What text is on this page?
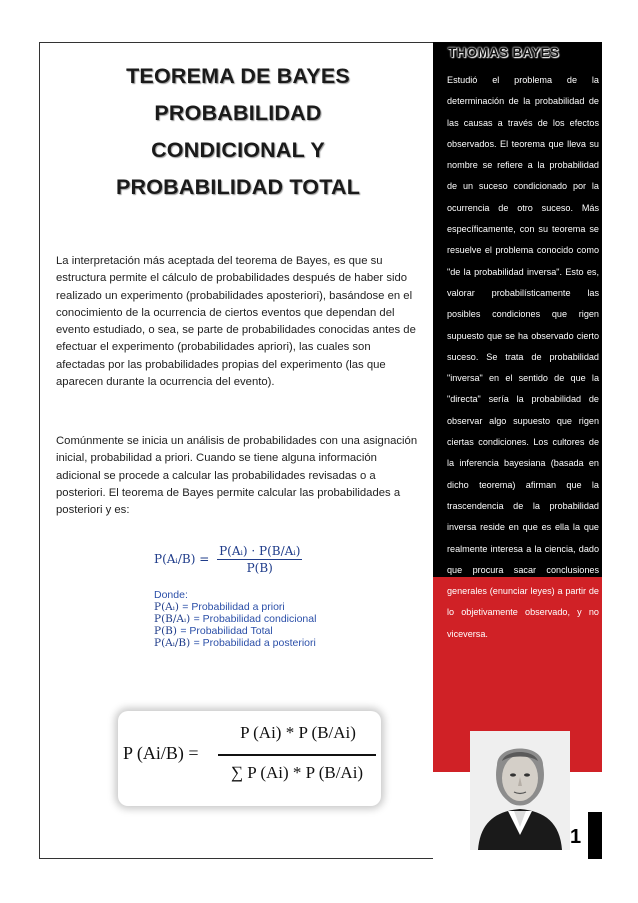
TEOREMA DE BAYES
PROBABILIDAD
CONDICIONAL Y
PROBABILIDAD TOTAL
La interpretación más aceptada del teorema de Bayes, es que su estructura permite el cálculo de probabilidades después de haber sido realizado un experimento (probabilidades aposteriori), basándose en el conocimiento de la ocurrencia de ciertos eventos que dependan del evento estudiado, o sea, se parte de probabilidades conocidas antes de efectuar el experimento (probabilidades apriori), las cuales son afectadas por las probabilidades propias del experimento (las que aparecen durante la ocurrencia del evento).
Comúnmente se inicia un análisis de probabilidades con una asignación inicial, probabilidad a priori. Cuando se tiene alguna información adicional se procede a calcular las probabilidades revisadas o a posteriori. El teorema de Bayes permite calcular las probabilidades a posteriori y es:
P(Aᵢ/B) = $\frac{\text{P(Aᵢ) · P(B/Aᵢ)}}{P(B)}$
Donde:
P(Aᵢ) = Probabilidad a priori
P(B/Aᵢ) = Probabilidad condicional
P(B) = Probabilidad Total
P(Aᵢ/B) = Probabilidad a posteriori
P (Ai/B) =
P (Ai) * P (B/Ai)
∑ P (Ai) * P (B/Ai)
THOMAS BAYES
Estudió el problema de la determinación de la probabilidad de las causas a través de los efectos observados. El teorema que lleva su nombre se refiere a la probabilidad de un suceso condicionado por la ocurrencia de otro suceso. Más específicamente, con su teorema se resuelve el problema conocido como "de la probabilidad inversa". Esto es, valorar probabilísticamente las posibles condiciones que rigen supuesto que se ha observado cierto suceso. Se trata de probabilidad "inversa" en el sentido de que la "directa" sería la probabilidad de observar algo supuesto que rigen ciertas condiciones. Los cultores de la inferencia bayesiana (basada en dicho teorema) afirman que la trascendencia de la probabilidad inversa reside en que es ella la que realmente interesa a la ciencia, dado que procura sacar conclusiones generales (enunciar leyes) a partir de lo objetivamente observado, y no viceversa.
1
